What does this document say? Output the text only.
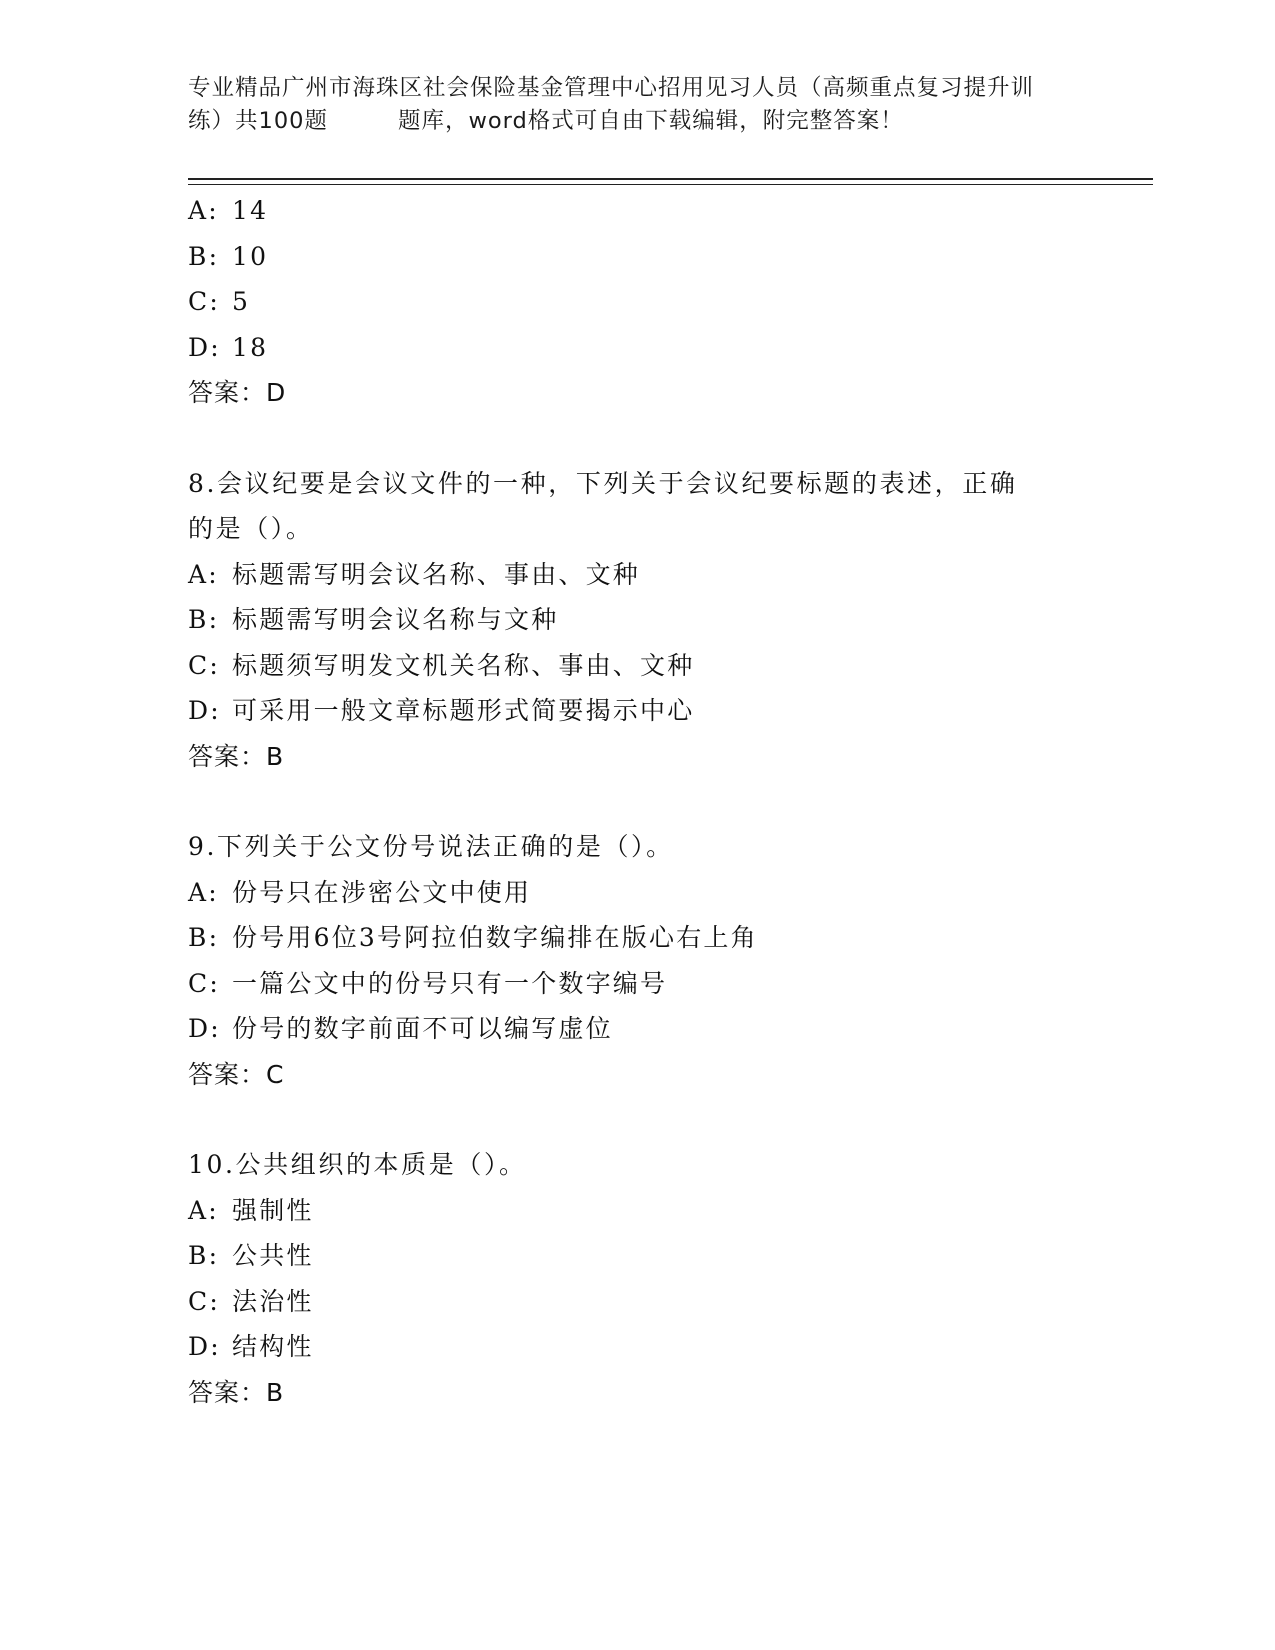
专业精品广州市海珠区社会保险基金管理中心招用见习人员（高频重点复习提升训
练）共100题	题库，word格式可自由下载编辑，附完整答案！
A: 14
B: 10
C: 5
D: 18
答案：D
8.会议纪要是会议文件的一种，下列关于会议纪要标题的表述，正确
的是（）。
A: 标题需写明会议名称、事由、文种
B: 标题需写明会议名称与文种
C: 标题须写明发文机关名称、事由、文种
D: 可采用一般文章标题形式简要揭示中心
答案：B
9.下列关于公文份号说法正确的是（）。
A: 份号只在涉密公文中使用
B: 份号用6位3号阿拉伯数字编排在版心右上角
C: 一篇公文中的份号只有一个数字编号
D: 份号的数字前面不可以编写虚位
答案：C
10.公共组织的本质是（）。
A: 强制性
B: 公共性
C: 法治性
D: 结构性
答案：B
